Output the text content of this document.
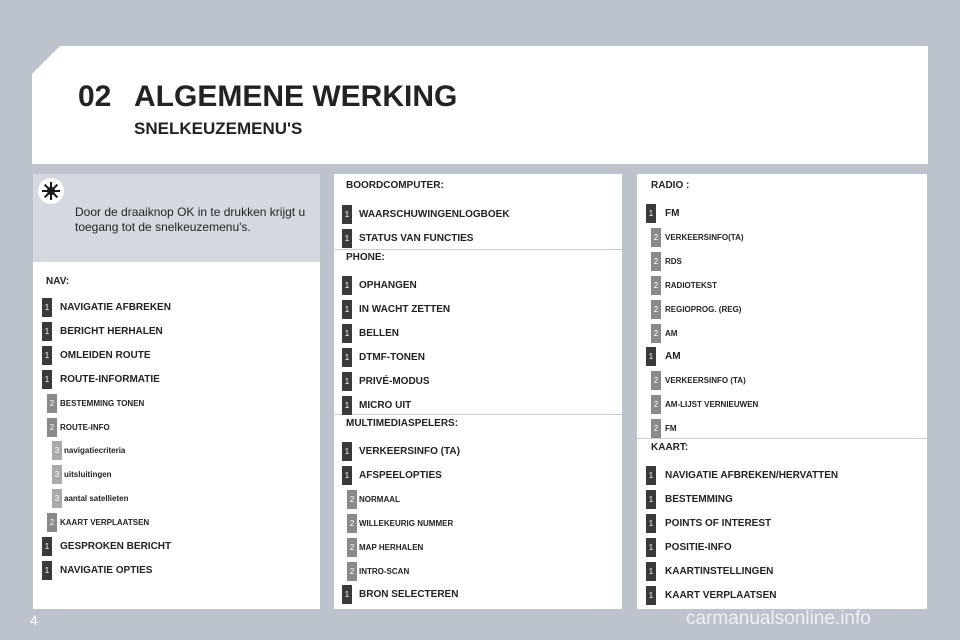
02 ALGEMENE WERKING
SNELKEUZEMENU'S
Door de draaiknop OK in te drukken krijgt u toegang tot de snelkeuzemenu's.
NAV:
BOORDCOMPUTER:
PHONE:
MULTIMEDIASPELERS:
RADIO :
KAART:
1 NAVIGATIE AFBREKEN
1 BERICHT HERHALEN
1 OMLEIDEN ROUTE
1 ROUTE-INFORMATIE
2 BESTEMMING TONEN
2 ROUTE-INFO
3 navigatiecriteria
3 uitsluitingen
3 aantal satellieten
2 KAART VERPLAATSEN
1 GESPROKEN BERICHT
1 NAVIGATIE OPTIES
1 WAARSCHUWINGENLOGBOEK
1 STATUS VAN FUNCTIES
1 OPHANGEN
1 IN WACHT ZETTEN
1 BELLEN
1 DTMF-TONEN
1 PRIVÉ-MODUS
1 MICRO UIT
1 VERKEERSINFO (TA)
1 AFSPEELOPTIES
2 NORMAAL
2 WILLEKEURIG NUMMER
2 MAP HERHALEN
2 INTRO-SCAN
1 BRON SELECTEREN
1 FM
2 VERKEERSINFO(TA)
2 RDS
2 RADIOTEKST
2 REGIOPROG. (REG)
2 AM
1 AM
2 VERKEERSINFO (TA)
2 AM-LIJST VERNIEUWEN
2 FM
1 NAVIGATIE AFBREKEN/HERVATTEN
1 BESTEMMING
1 POINTS OF INTEREST
1 POSITIE-INFO
1 KAARTINSTELLINGEN
1 KAART VERPLAATSEN
4	carmanualsonline.info
